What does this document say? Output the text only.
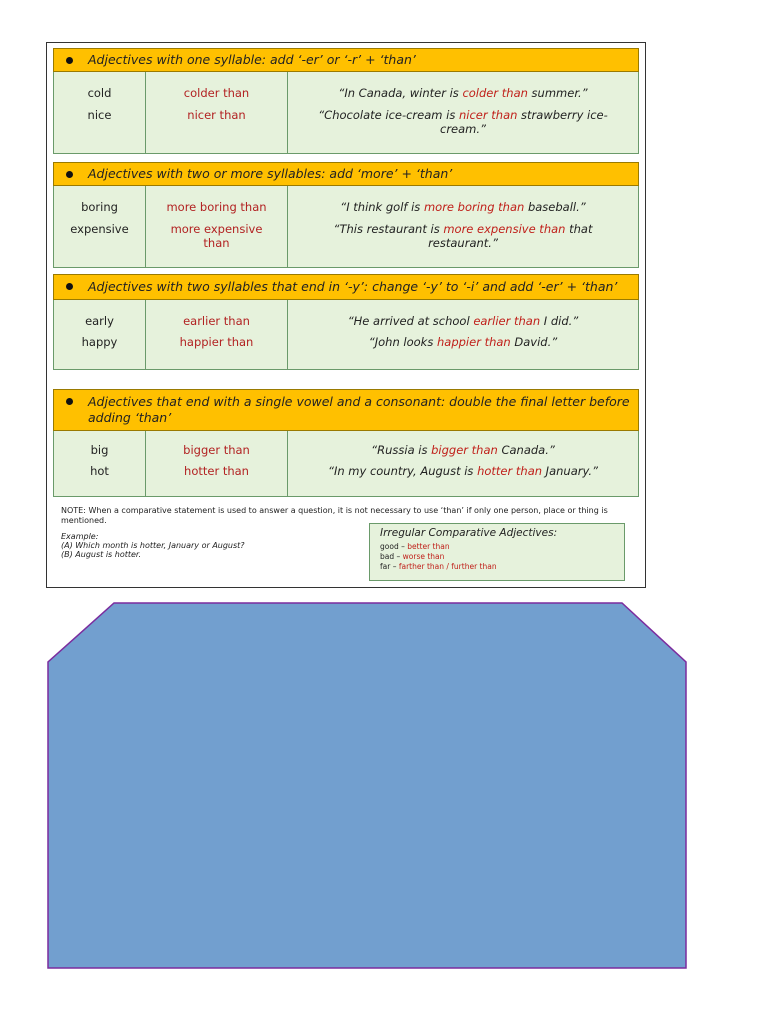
Adjectives with one syllable: add ‘-er’ or ‘-r’ + ‘than’
cold
nice
colder than
nicer than
“In Canada, winter is colder than summer.”
“Chocolate ice-cream is nicer than strawberry ice-cream.”
Adjectives with two or more syllables: add ‘more’ + ‘than’
boring
expensive
more boring than
more expensive than
“I think golf is more boring than baseball.”
“This restaurant is more expensive than that restaurant.”
Adjectives with two syllables that end in ‘-y’: change ‘-y’ to ‘-i’ and add ‘-er’ + ‘than’
early
happy
earlier than
happier than
“He arrived at school earlier than I did.”
“John looks happier than David.”
Adjectives that end with a single vowel and a consonant: double the final letter before adding ‘than’
big
hot
bigger than
hotter than
“Russia is bigger than Canada.”
“In my country, August is hotter than January.”
NOTE: When a comparative statement is used to answer a question, it is not necessary to use ‘than’ if only one person, place or thing is mentioned.
Example:
(A) Which month is hotter, January or August?
(B) August is hotter.
Irregular Comparative Adjectives:
good – better than
bad – worse than
far – farther than / further than
